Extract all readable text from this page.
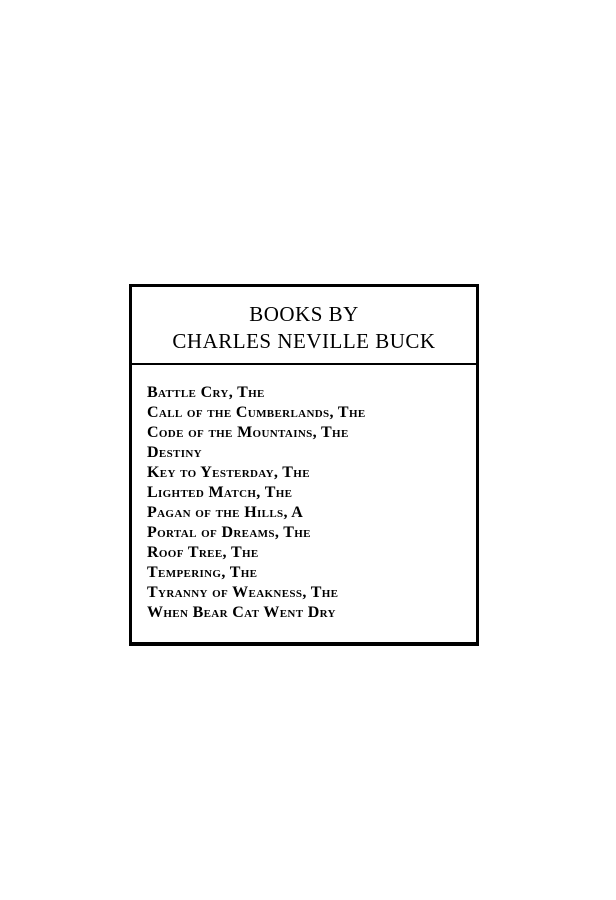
BOOKS BY
CHARLES NEVILLE BUCK
Battle Cry, The
Call of the Cumberlands, The
Code of the Mountains, The
Destiny
Key to Yesterday, The
Lighted Match, The
Pagan of the Hills, A
Portal of Dreams, The
Roof Tree, The
Tempering, The
Tyranny of Weakness, The
When Bear Cat Went Dry
